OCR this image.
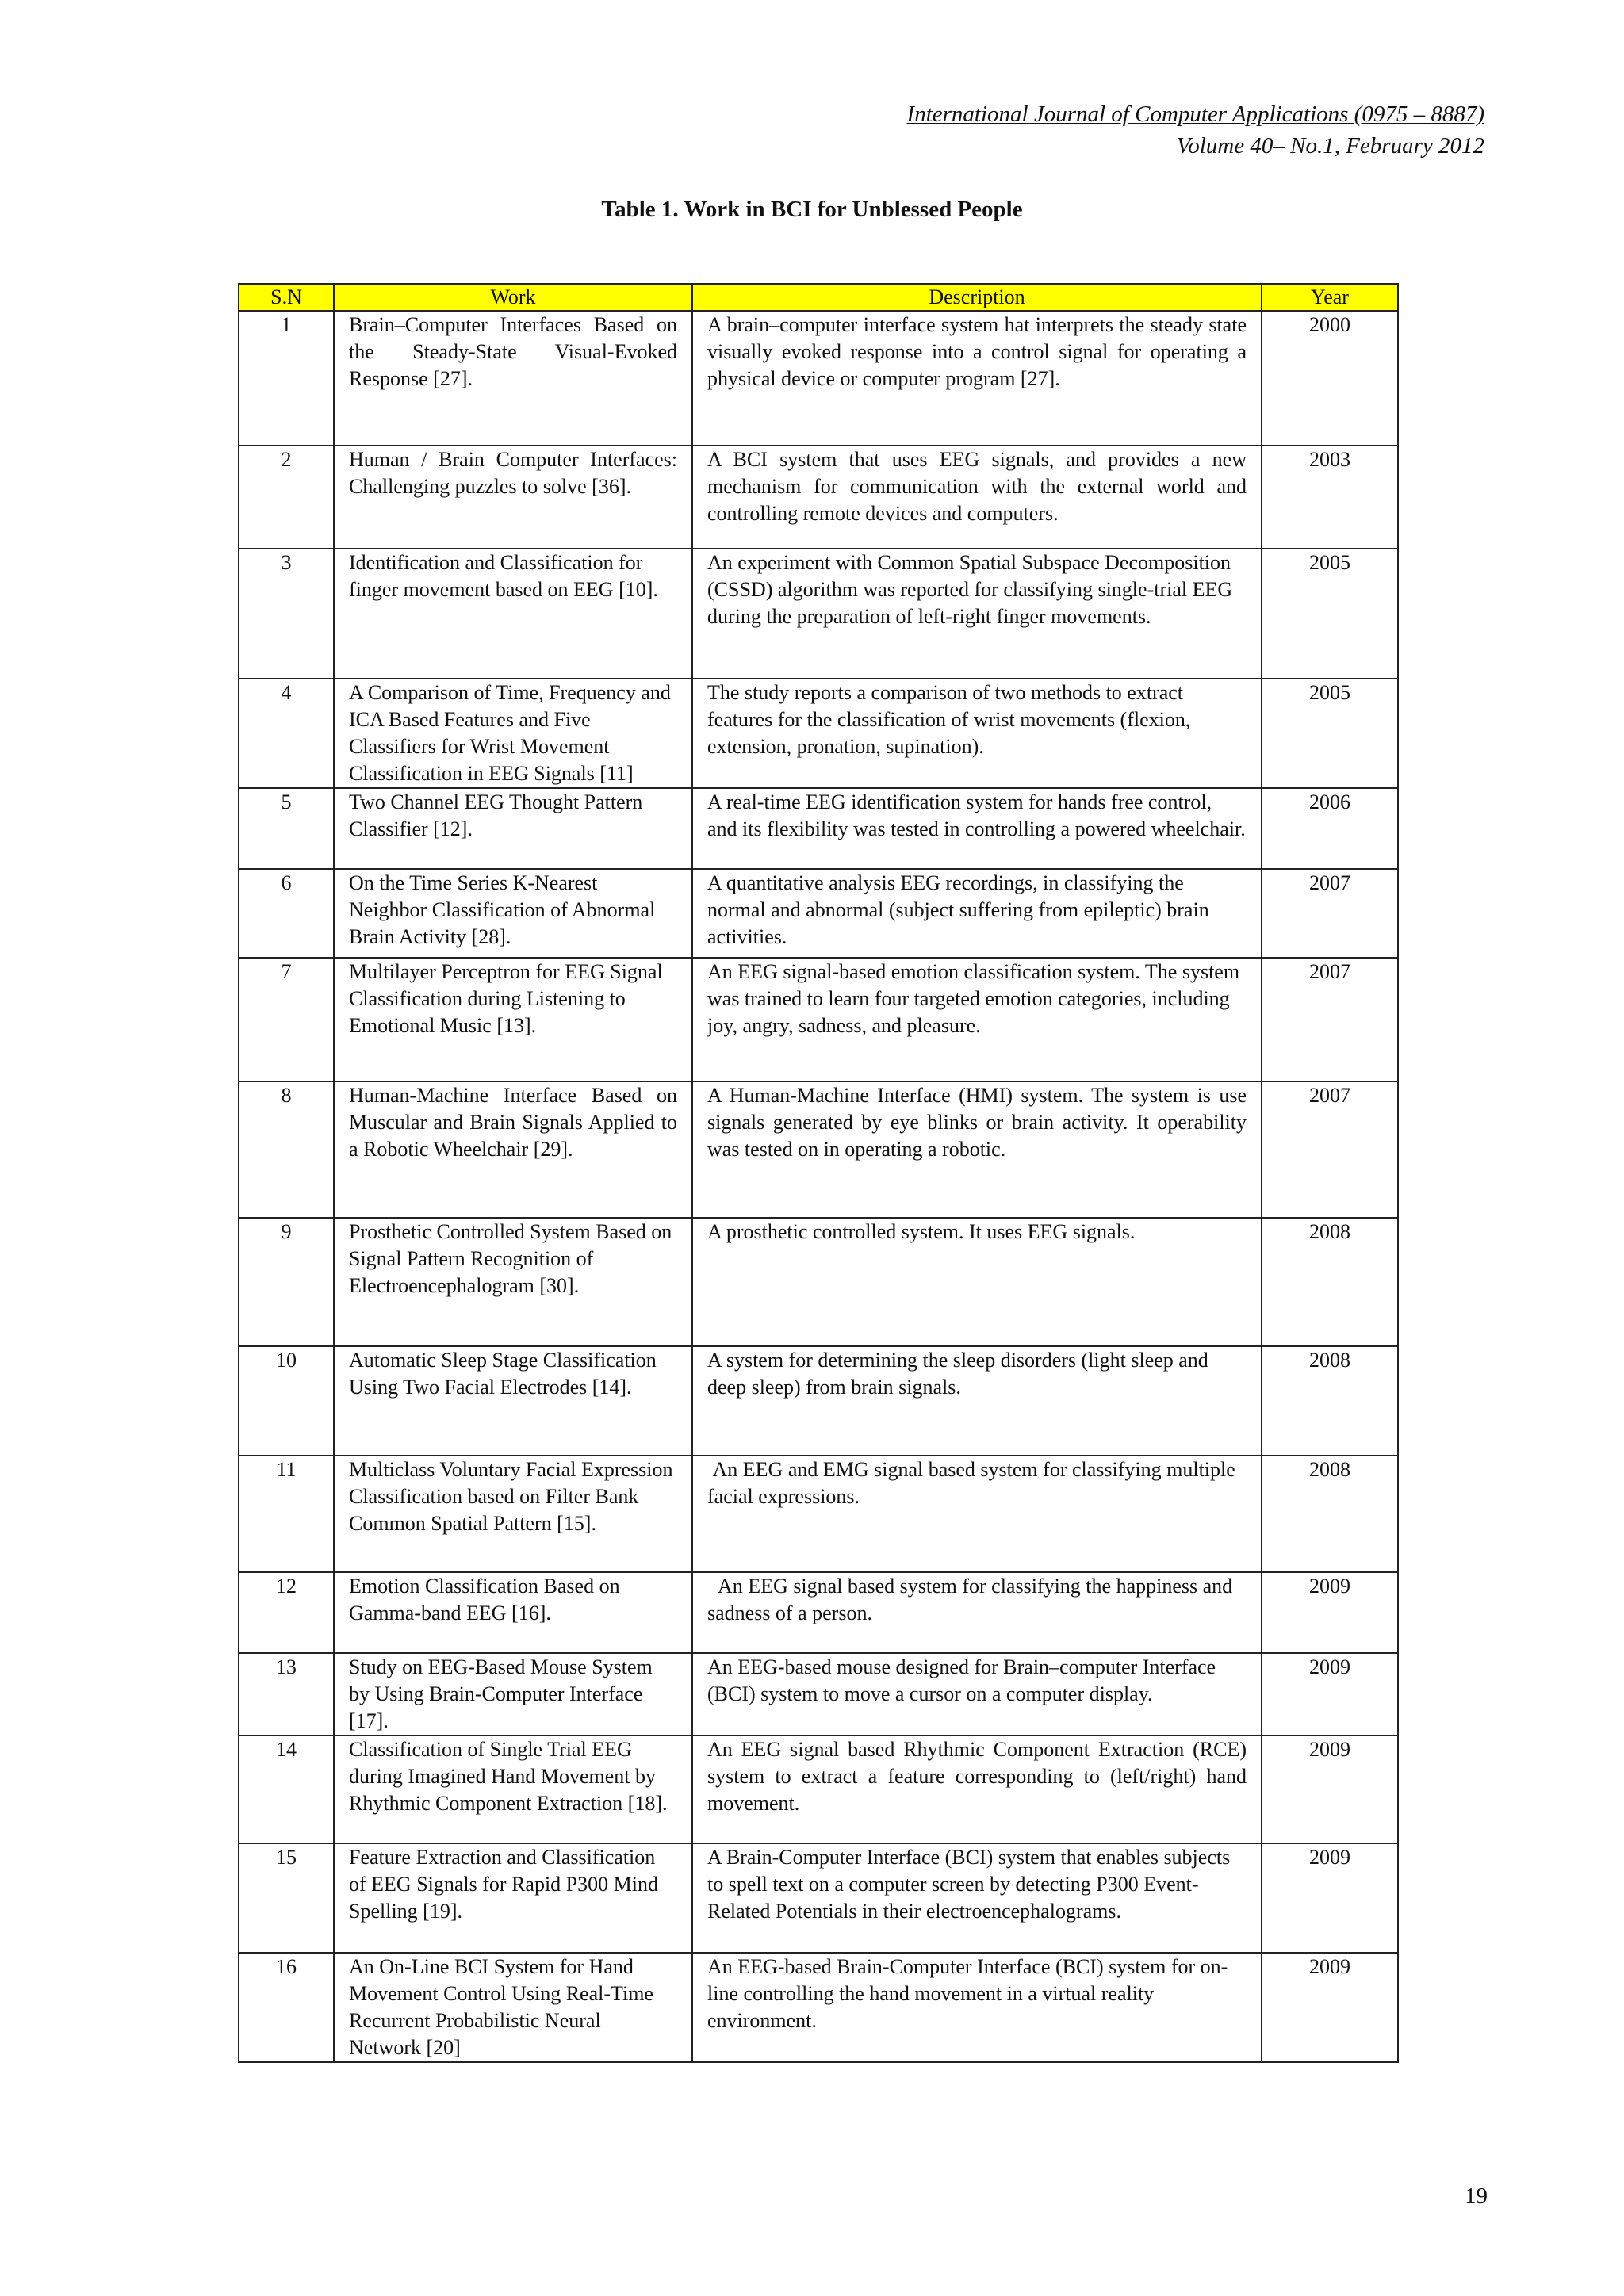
International Journal of Computer Applications (0975 – 8887)
Volume 40– No.1, February 2012
Table 1. Work in BCI for Unblessed People
S.N	Work	Description	Year
1	Brain–Computer Interfaces Based on the Steady-State Visual-Evoked Response [27].	A brain–computer interface system hat interprets the steady state visually evoked response into a control signal for operating a physical device or computer program [27].	2000
2	Human / Brain Computer Interfaces: Challenging puzzles to solve [36].	A BCI system that uses EEG signals, and provides a new mechanism for communication with the external world and controlling remote devices and computers.	2003
3	Identification and Classification for finger movement based on EEG [10].	An experiment with Common Spatial Subspace Decomposition (CSSD) algorithm was reported for classifying single-trial EEG during the preparation of left-right finger movements.	2005
4	A Comparison of Time, Frequency and ICA Based Features and Five Classifiers for Wrist Movement Classification in EEG Signals [11]	The study reports a comparison of two methods to extract features for the classification of wrist movements (flexion, extension, pronation, supination).	2005
5	Two Channel EEG Thought Pattern Classifier [12].	A real-time EEG identification system for hands free control, and its flexibility was tested in controlling a powered wheelchair.	2006
6	On the Time Series K-Nearest Neighbor Classification of Abnormal Brain Activity [28].	A quantitative analysis EEG recordings, in classifying the normal and abnormal (subject suffering from epileptic) brain activities.	2007
7	Multilayer Perceptron for EEG Signal Classification during Listening to Emotional Music [13].	An EEG signal-based emotion classification system. The system was trained to learn four targeted emotion categories, including joy, angry, sadness, and pleasure.	2007
8	Human-Machine Interface Based on Muscular and Brain Signals Applied to a Robotic Wheelchair [29].	A Human-Machine Interface (HMI) system. The system is use signals generated by eye blinks or brain activity. It operability was tested on in operating a robotic.	2007
9	Prosthetic Controlled System Based on Signal Pattern Recognition of Electroencephalogram [30].	A prosthetic controlled system. It uses EEG signals.	2008
10	Automatic Sleep Stage Classification Using Two Facial Electrodes [14].	A system for determining the sleep disorders (light sleep and deep sleep) from brain signals.	2008
11	Multiclass Voluntary Facial Expression Classification based on Filter Bank Common Spatial Pattern [15].	An EEG and EMG signal based system for classifying multiple facial expressions.	2008
12	Emotion Classification Based on Gamma-band EEG [16].	An EEG signal based system for classifying the happiness and sadness of a person.	2009
13	Study on EEG-Based Mouse System by Using Brain-Computer Interface [17].	An EEG-based mouse designed for Brain–computer Interface (BCI) system to move a cursor on a computer display.	2009
14	Classification of Single Trial EEG during Imagined Hand Movement by Rhythmic Component Extraction [18].	An EEG signal based Rhythmic Component Extraction (RCE) system to extract a feature corresponding to (left/right) hand movement.	2009
15	Feature Extraction and Classification of EEG Signals for Rapid P300 Mind Spelling [19].	A Brain-Computer Interface (BCI) system that enables subjects to spell text on a computer screen by detecting P300 Event-Related Potentials in their electroencephalograms.	2009
16	An On-Line BCI System for Hand Movement Control Using Real-Time Recurrent Probabilistic Neural Network [20]	An EEG-based Brain-Computer Interface (BCI) system for on-line controlling the hand movement in a virtual reality environment.	2009
19
